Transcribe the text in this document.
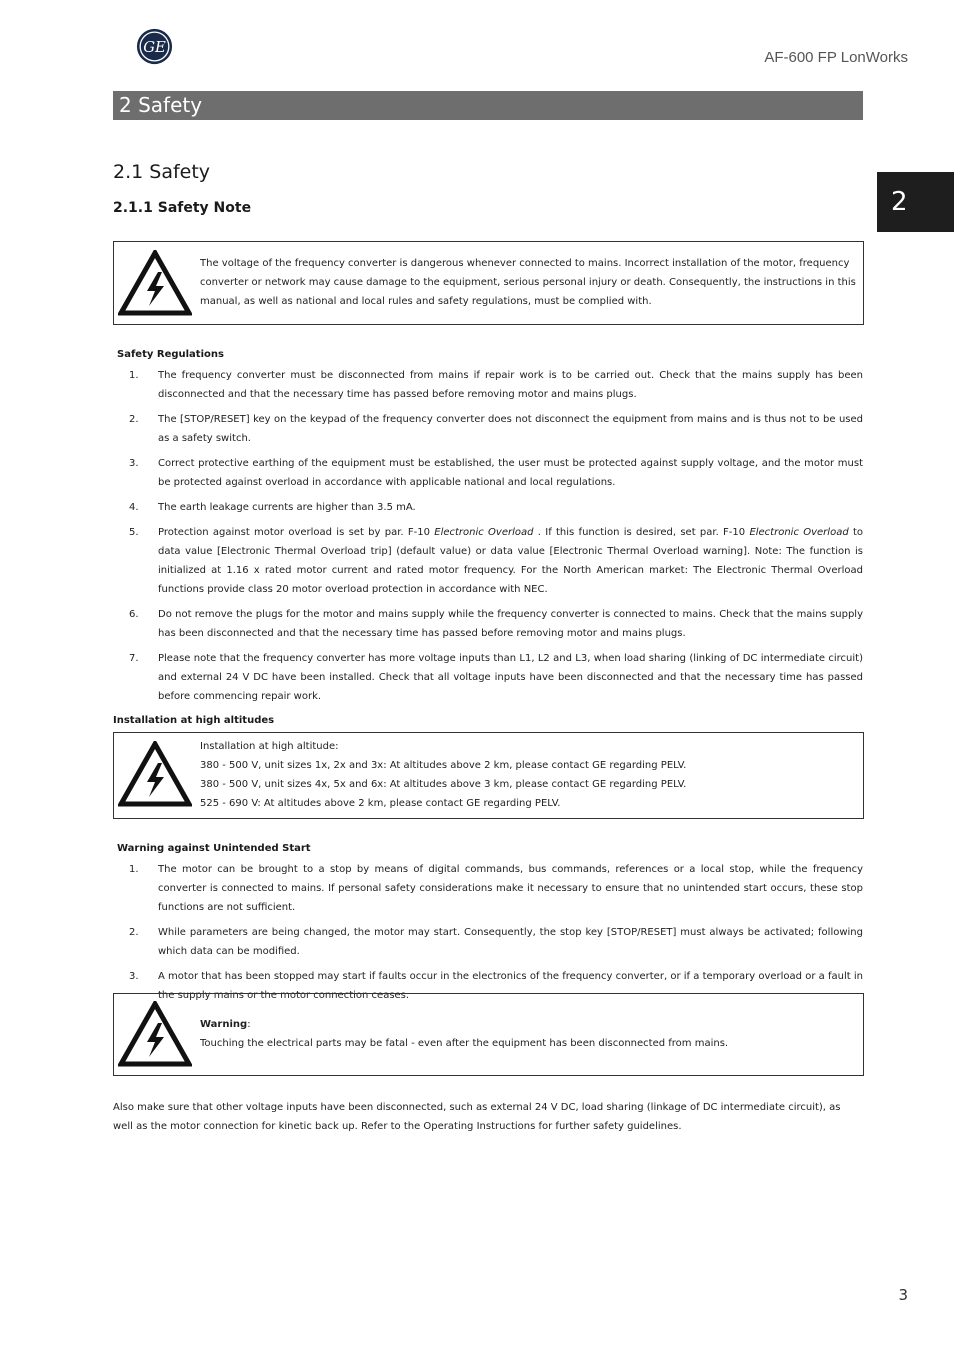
GE
AF-600 FP LonWorks
2 Safety
2
2.1 Safety
2.1.1 Safety Note
The voltage of the frequency converter is dangerous whenever connected to mains. Incorrect installation of the motor, frequency converter or network may cause damage to the equipment, serious personal injury or death. Consequently, the instructions in this manual, as well as national and local rules and safety regulations, must be complied with.
Safety Regulations
1. The frequency converter must be disconnected from mains if repair work is to be carried out. Check that the mains supply has been disconnected and that the necessary time has passed before removing motor and mains plugs.
2. The [STOP/RESET] key on the keypad of the frequency converter does not disconnect the equipment from mains and is thus not to be used as a safety switch.
3. Correct protective earthing of the equipment must be established, the user must be protected against supply voltage, and the motor must be protected against overload in accordance with applicable national and local regulations.
4. The earth leakage currents are higher than 3.5 mA.
5. Protection against motor overload is set by par. F-10 Electronic Overload . If this function is desired, set par. F-10 Electronic Overload to data value [Electronic Thermal Overload trip] (default value) or data value [Electronic Thermal Overload warning]. Note: The function is initialized at 1.16 x rated motor current and rated motor frequency. For the North American market: The Electronic Thermal Overload functions provide class 20 motor overload protection in accordance with NEC.
6. Do not remove the plugs for the motor and mains supply while the frequency converter is connected to mains. Check that the mains supply has been disconnected and that the necessary time has passed before removing motor and mains plugs.
7. Please note that the frequency converter has more voltage inputs than L1, L2 and L3, when load sharing (linking of DC intermediate circuit) and external 24 V DC have been installed. Check that all voltage inputs have been disconnected and that the necessary time has passed before commencing repair work.
Installation at high altitudes

Installation at high altitude:

380 - 500 V, unit sizes 1x, 2x and 3x: At altitudes above 2 km, please contact GE regarding PELV.

380 - 500 V, unit sizes 4x, 5x and 6x: At altitudes above 3 km, please contact GE regarding PELV.

525 - 690 V: At altitudes above 2 km, please contact GE regarding PELV.

Warning against Unintended Start
1. The motor can be brought to a stop by means of digital commands, bus commands, references or a local stop, while the frequency converter is connected to mains. If personal safety considerations make it necessary to ensure that no unintended start occurs, these stop functions are not sufficient.
2. While parameters are being changed, the motor may start. Consequently, the stop key [STOP/RESET] must always be activated; following which data can be modified.
3. A motor that has been stopped may start if faults occur in the electronics of the frequency converter, or if a temporary overload or a fault in the supply mains or the motor connection ceases.

Warning:

Touching the electrical parts may be fatal - even after the equipment has been disconnected from mains.

Also make sure that other voltage inputs have been disconnected, such as external 24 V DC, load sharing (linkage of DC intermediate circuit), as well as the motor connection for kinetic back up. Refer to the Operating Instructions for further safety guidelines.
3
